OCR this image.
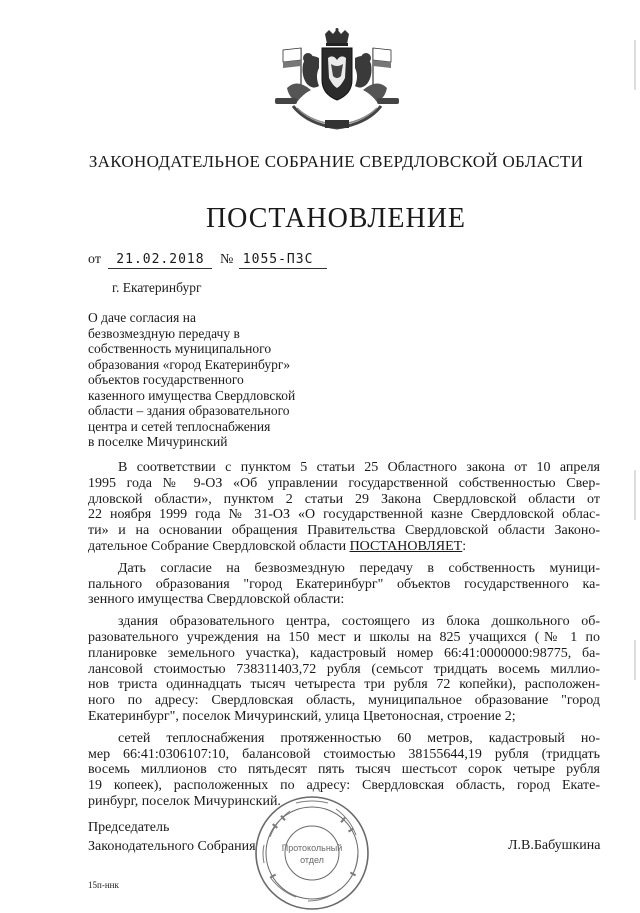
ЗАКОНОДАТЕЛЬНОЕ СОБРАНИЕ СВЕРДЛОВСКОЙ ОБЛАСТИ
ПОСТАНОВЛЕНИЕ
от 21.02.2018 № 1055-ПЗС
г. Екатеринбург
О даче согласия на
безвозмездную передачу в
собственность муниципального
образования «город Екатеринбург»
объектов государственного
казенного имущества Свердловской
области – здания образовательного
центра и сетей теплоснабжения
в поселке Мичуринский
В соответствии с пунктом 5 статьи 25 Областного закона от 10 апреля
1995 года № 9-ОЗ «Об управлении государственной собственностью Свер-
дловской области», пунктом 2 статьи 29 Закона Свердловской области от
22 ноября 1999 года № 31-ОЗ «О государственной казне Свердловской облас-
ти» и на основании обращения Правительства Свердловской области Законо-
дательное Собрание Свердловской области ПОСТАНОВЛЯЕТ:
Дать согласие на безвозмездную передачу в собственность муници-
пального образования "город Екатеринбург" объектов государственного ка-
зенного имущества Свердловской области:
здания образовательного центра, состоящего из блока дошкольного об-
разовательного учреждения на 150 мест и школы на 825 учащихся (№ 1 по
планировке земельного участка), кадастровый номер 66:41:0000000:98775, ба-
лансовой стоимостью 738311403,72 рубля (семьсот тридцать восемь миллио-
нов триста одиннадцать тысяч четыреста три рубля 72 копейки), расположен-
ного по адресу: Свердловская область, муниципальное образование "город
Екатеринбург", поселок Мичуринский, улица Цветоносная, строение 2;
сетей теплоснабжения протяженностью 60 метров, кадастровый но-
мер 66:41:0306107:10, балансовой стоимостью 38155644,19 рубля (тридцать
восемь миллионов сто пятьдесят пять тысяч шестьсот сорок четыре рубля
19 копеек), расположенных по адресу: Свердловская область, город Екате-
ринбург, поселок Мичуринский.
Протокольный
отдел
Председатель
Законодательного Собрания	Л.В.Бабушкина
15п-ннк
